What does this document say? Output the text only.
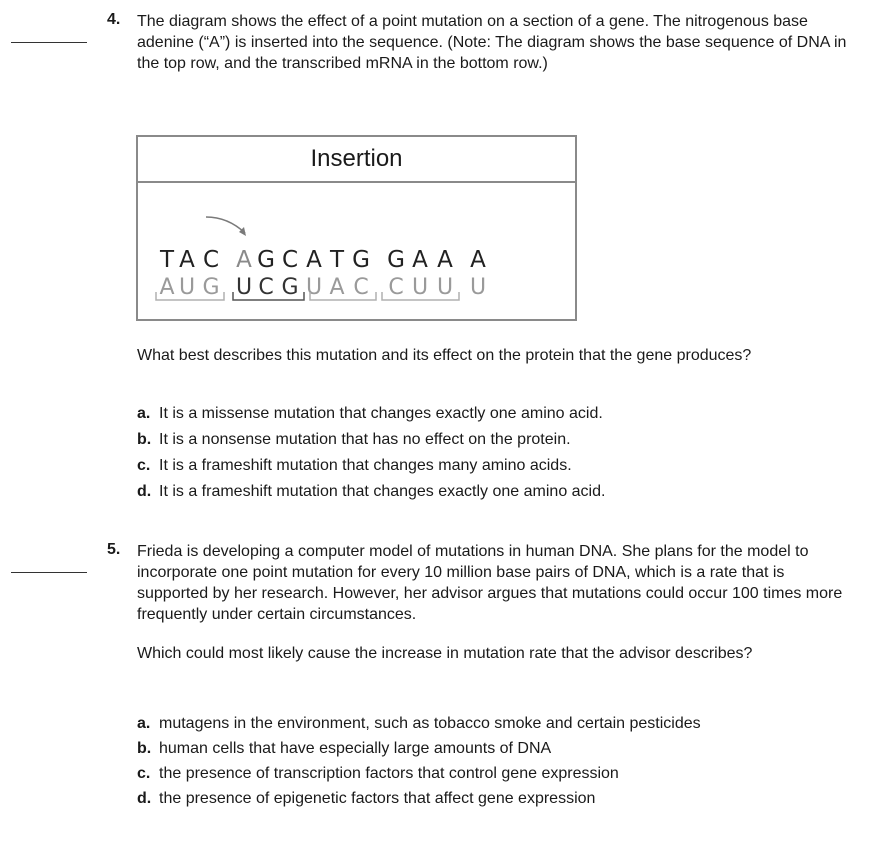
4. The diagram shows the effect of a point mutation on a section of a gene. The nitrogenous base adenine (“A”) is inserted into the sequence. (Note: The diagram shows the base sequence of DNA in the top row, and the transcribed mRNA in the bottom row.)
Insertion
T A C A G C A T G G A A A
A U G U C G U A C C U U U
What best describes this mutation and its effect on the protein that the gene produces?
a. It is a missense mutation that changes exactly one amino acid.
b. It is a nonsense mutation that has no effect on the protein.
c. It is a frameshift mutation that changes many amino acids.
d. It is a frameshift mutation that changes exactly one amino acid.
5. Frieda is developing a computer model of mutations in human DNA. She plans for the model to incorporate one point mutation for every 10 million base pairs of DNA, which is a rate that is supported by her research. However, her advisor argues that mutations could occur 100 times more frequently under certain circumstances.
Which could most likely cause the increase in mutation rate that the advisor describes?
a. mutagens in the environment, such as tobacco smoke and certain pesticides
b. human cells that have especially large amounts of DNA
c. the presence of transcription factors that control gene expression
d. the presence of epigenetic factors that affect gene expression
